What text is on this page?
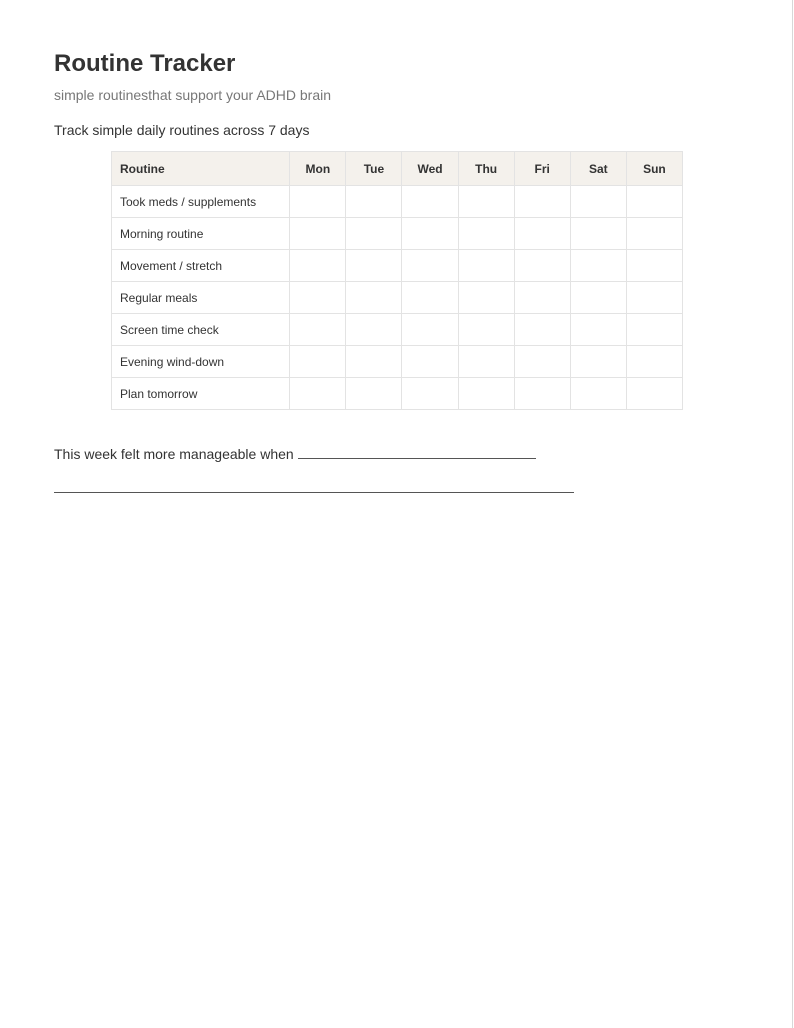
Routine Tracker
simple routinesthat support your ADHD brain
Track simple daily routines across 7 days
Routine	Mon	Tue	Wed	Thu	Fri	Sat	Sun
Took meds / supplements							
Morning routine							
Movement / stretch							
Regular meals							
Screen time check							
Evening wind-down							
Plan tomorrow							
This week felt more manageable when
